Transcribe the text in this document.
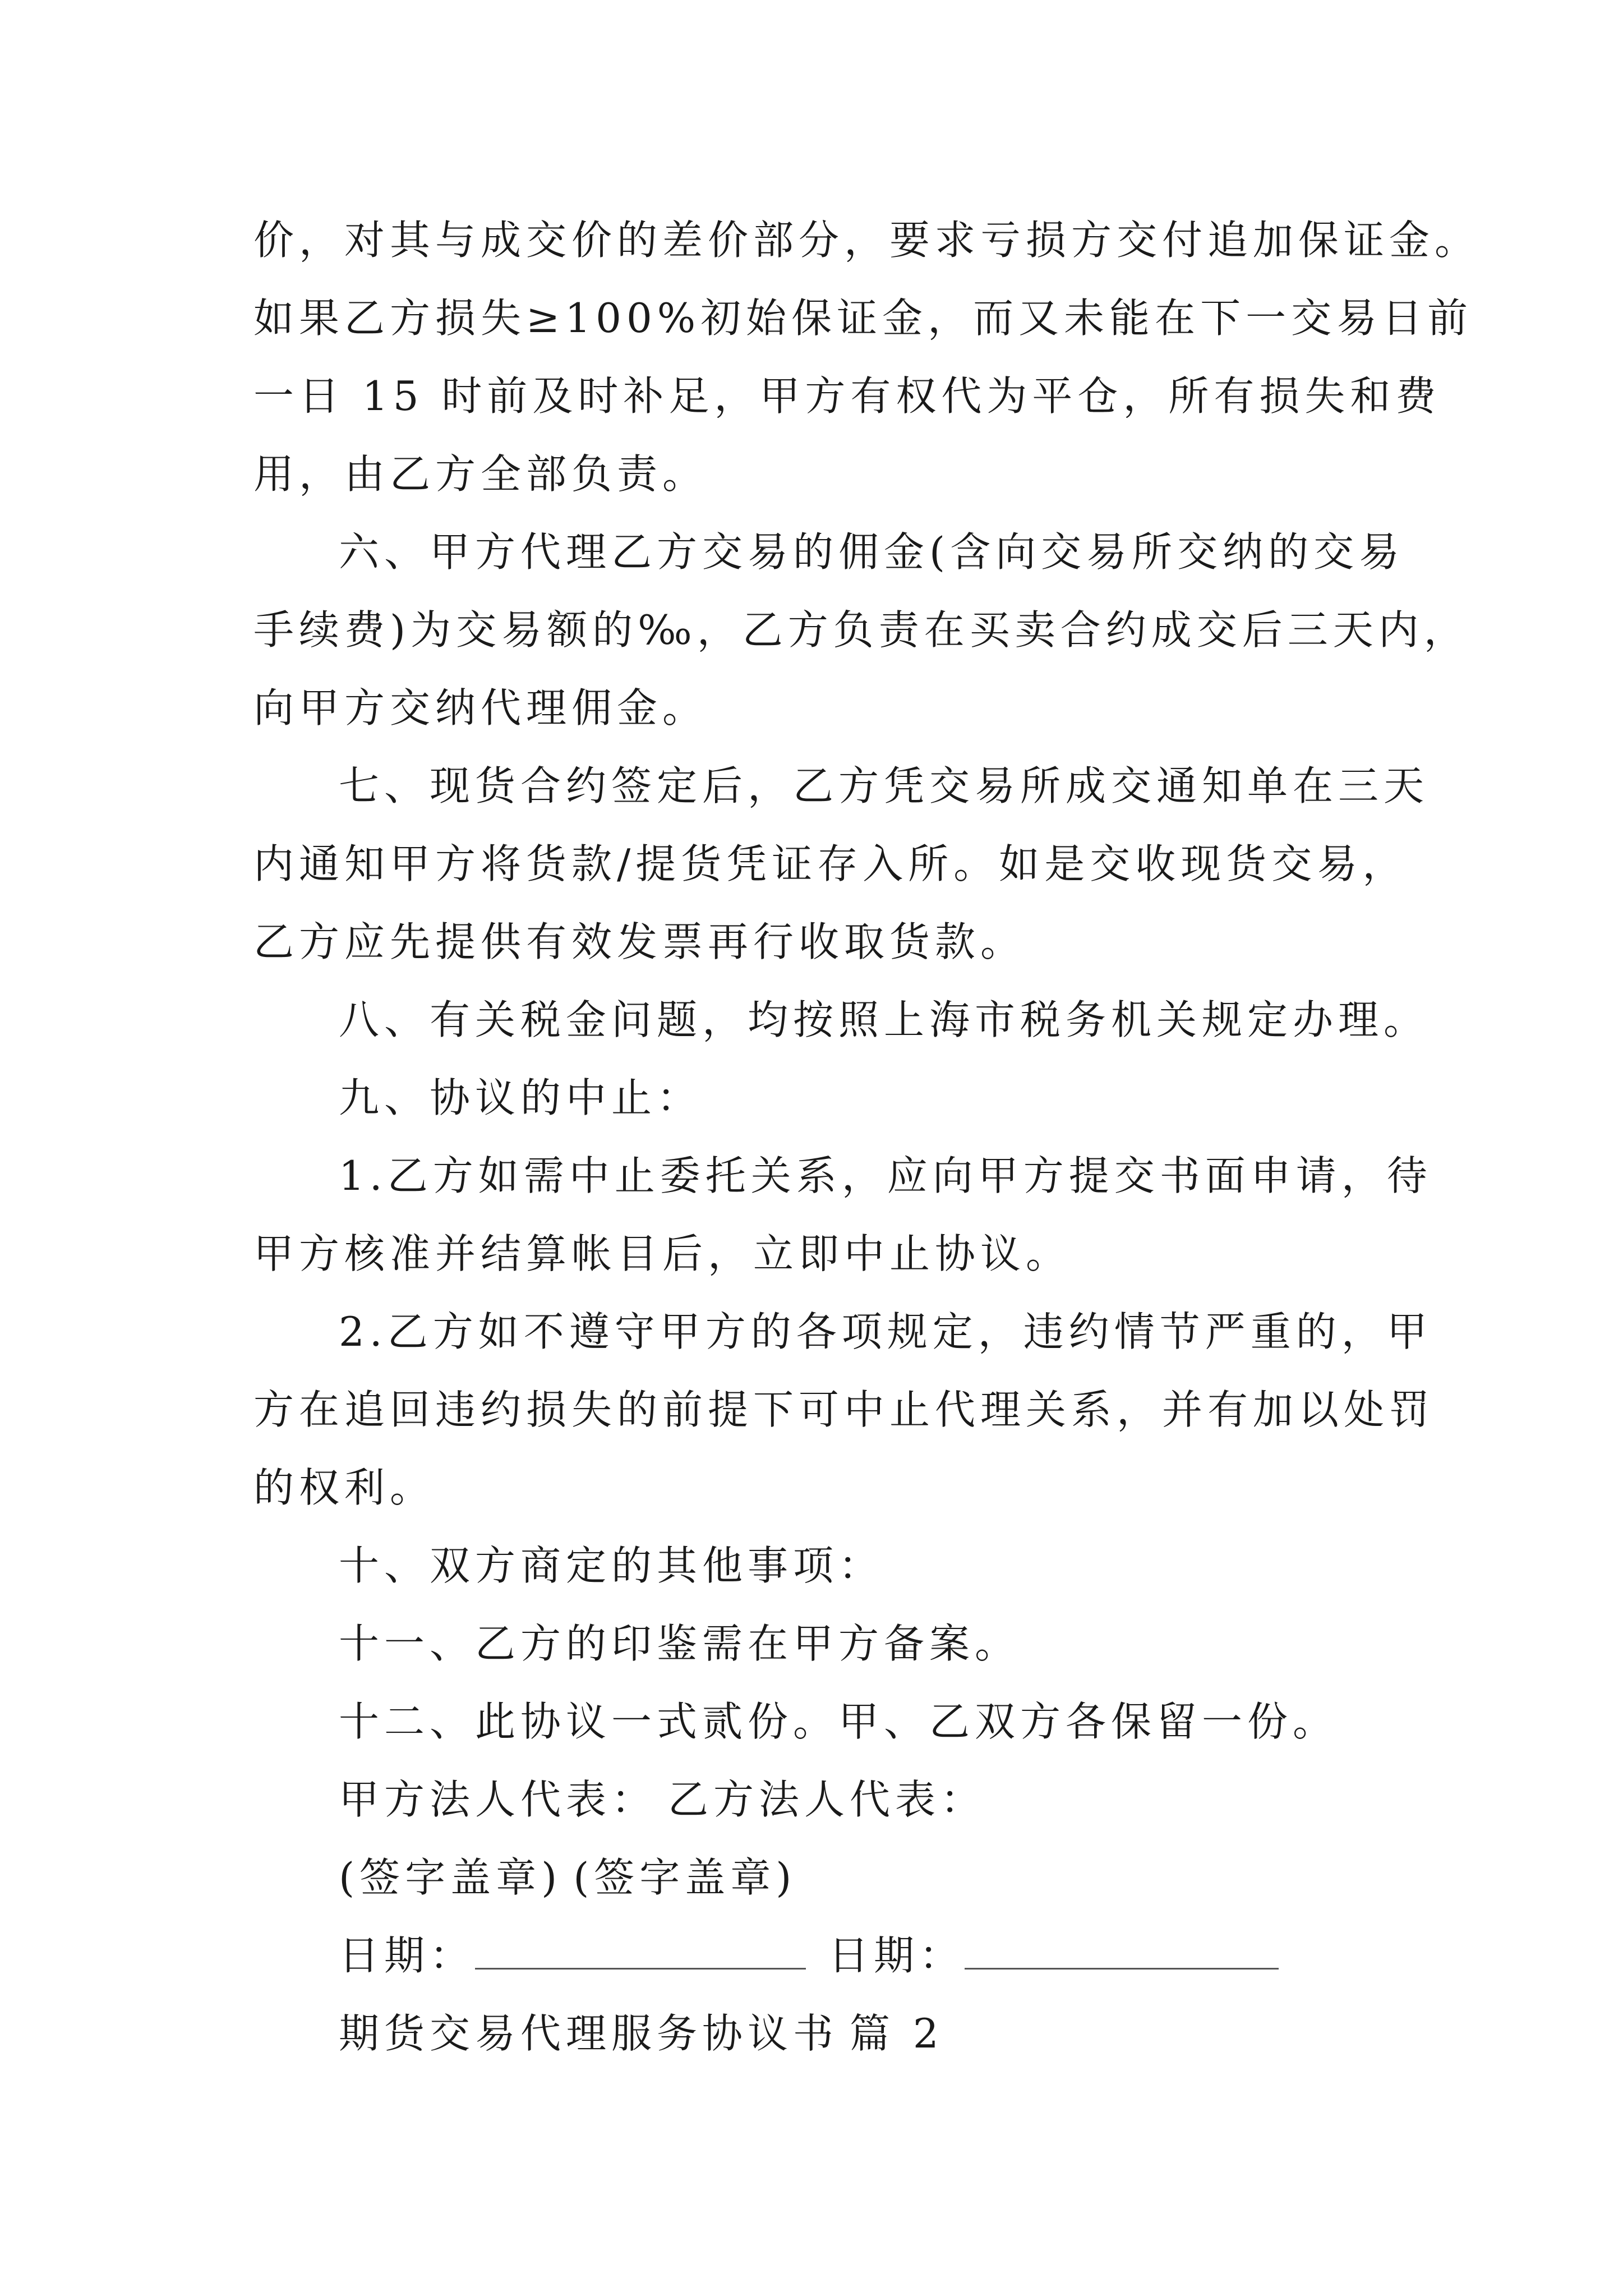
价，对其与成交价的差价部分，要求亏损方交付追加保证金。
如果乙方损失≥100%初始保证金，而又未能在下一交易日前
一日 15 时前及时补足，甲方有权代为平仓，所有损失和费
用，由乙方全部负责。
六、甲方代理乙方交易的佣金(含向交易所交纳的交易
手续费)为交易额的‰，乙方负责在买卖合约成交后三天内，
向甲方交纳代理佣金。
七、现货合约签定后，乙方凭交易所成交通知单在三天
内通知甲方将货款/提货凭证存入所。如是交收现货交易，
乙方应先提供有效发票再行收取货款。
八、有关税金问题，均按照上海市税务机关规定办理。
九、协议的中止：
1.乙方如需中止委托关系，应向甲方提交书面申请，待
甲方核准并结算帐目后，立即中止协议。
2.乙方如不遵守甲方的各项规定，违约情节严重的，甲
方在追回违约损失的前提下可中止代理关系，并有加以处罚
的权利。
十、双方商定的其他事项：
十一、乙方的印鉴需在甲方备案。
十二、此协议一式贰份。甲、乙双方各保留一份。
甲方法人代表： 乙方法人代表：
(签字盖章) (签字盖章)
日期：	日期：
期货交易代理服务协议书 篇 2
